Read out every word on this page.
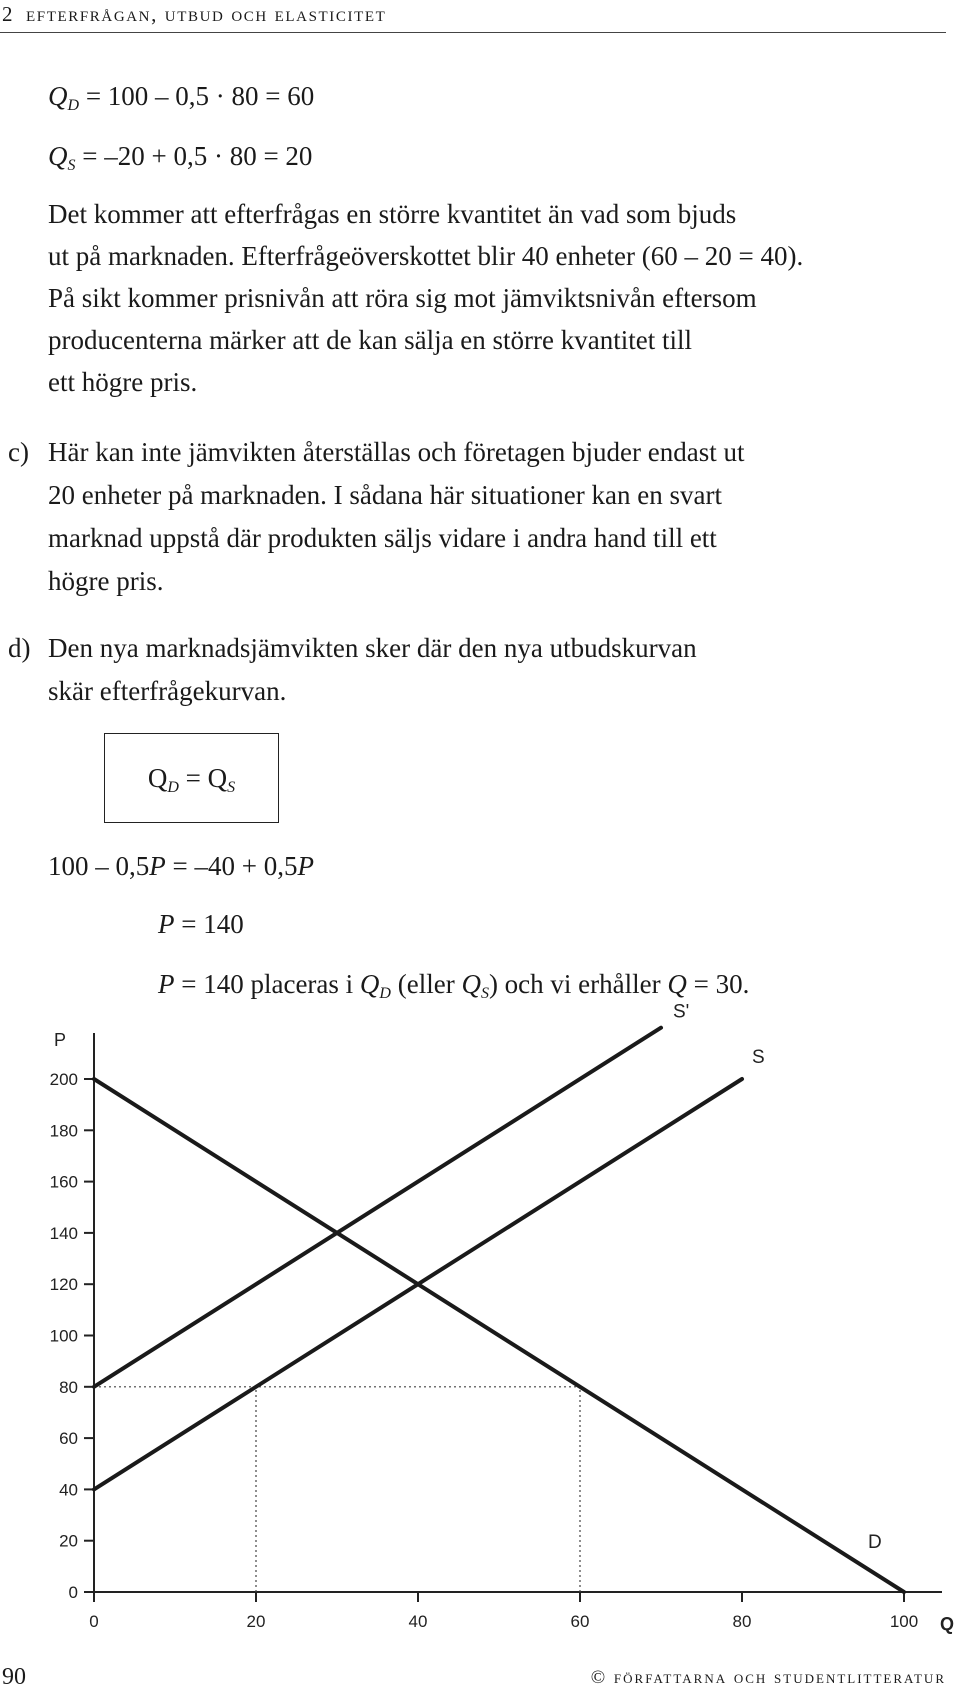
2 efterfrågan, utbud och elasticitet
$Q_D = 100 - 0,5 \cdot 80 = 60$
$Q_S = -20 + 0,5 \cdot 80 = 20$
Det kommer att efterfrågas en större kvantitet än vad som bjuds
ut på marknaden. Efterfrågeöverskottet blir 40 enheter (60 – 20 = 40).
På sikt kommer prisnivån att röra sig mot jämviktsnivån eftersom
producenterna märker att de kan sälja en större kvantitet till
ett högre pris.
c) Här kan inte jämvikten återställas och företagen bjuder endast ut
20 enheter på marknaden. I sådana här situationer kan en svart
marknad uppstå där produkten säljs vidare i andra hand till ett
högre pris.
d) Den nya marknadsjämvikten sker där den nya utbudskurvan
skär efterfrågekurvan.
$Q_D = Q_S$
100 – 0,5P = –40 + 0,5P
P = 140
P = 140 placeras i $Q_D$ (eller $Q_S$) och vi erhåller Q = 30.
0
20
40
60
80
100
120
140
160
180
200
0	20	40	60	80	100
P
Q
D
S
S'
90	© författarna och studentlitteratur
